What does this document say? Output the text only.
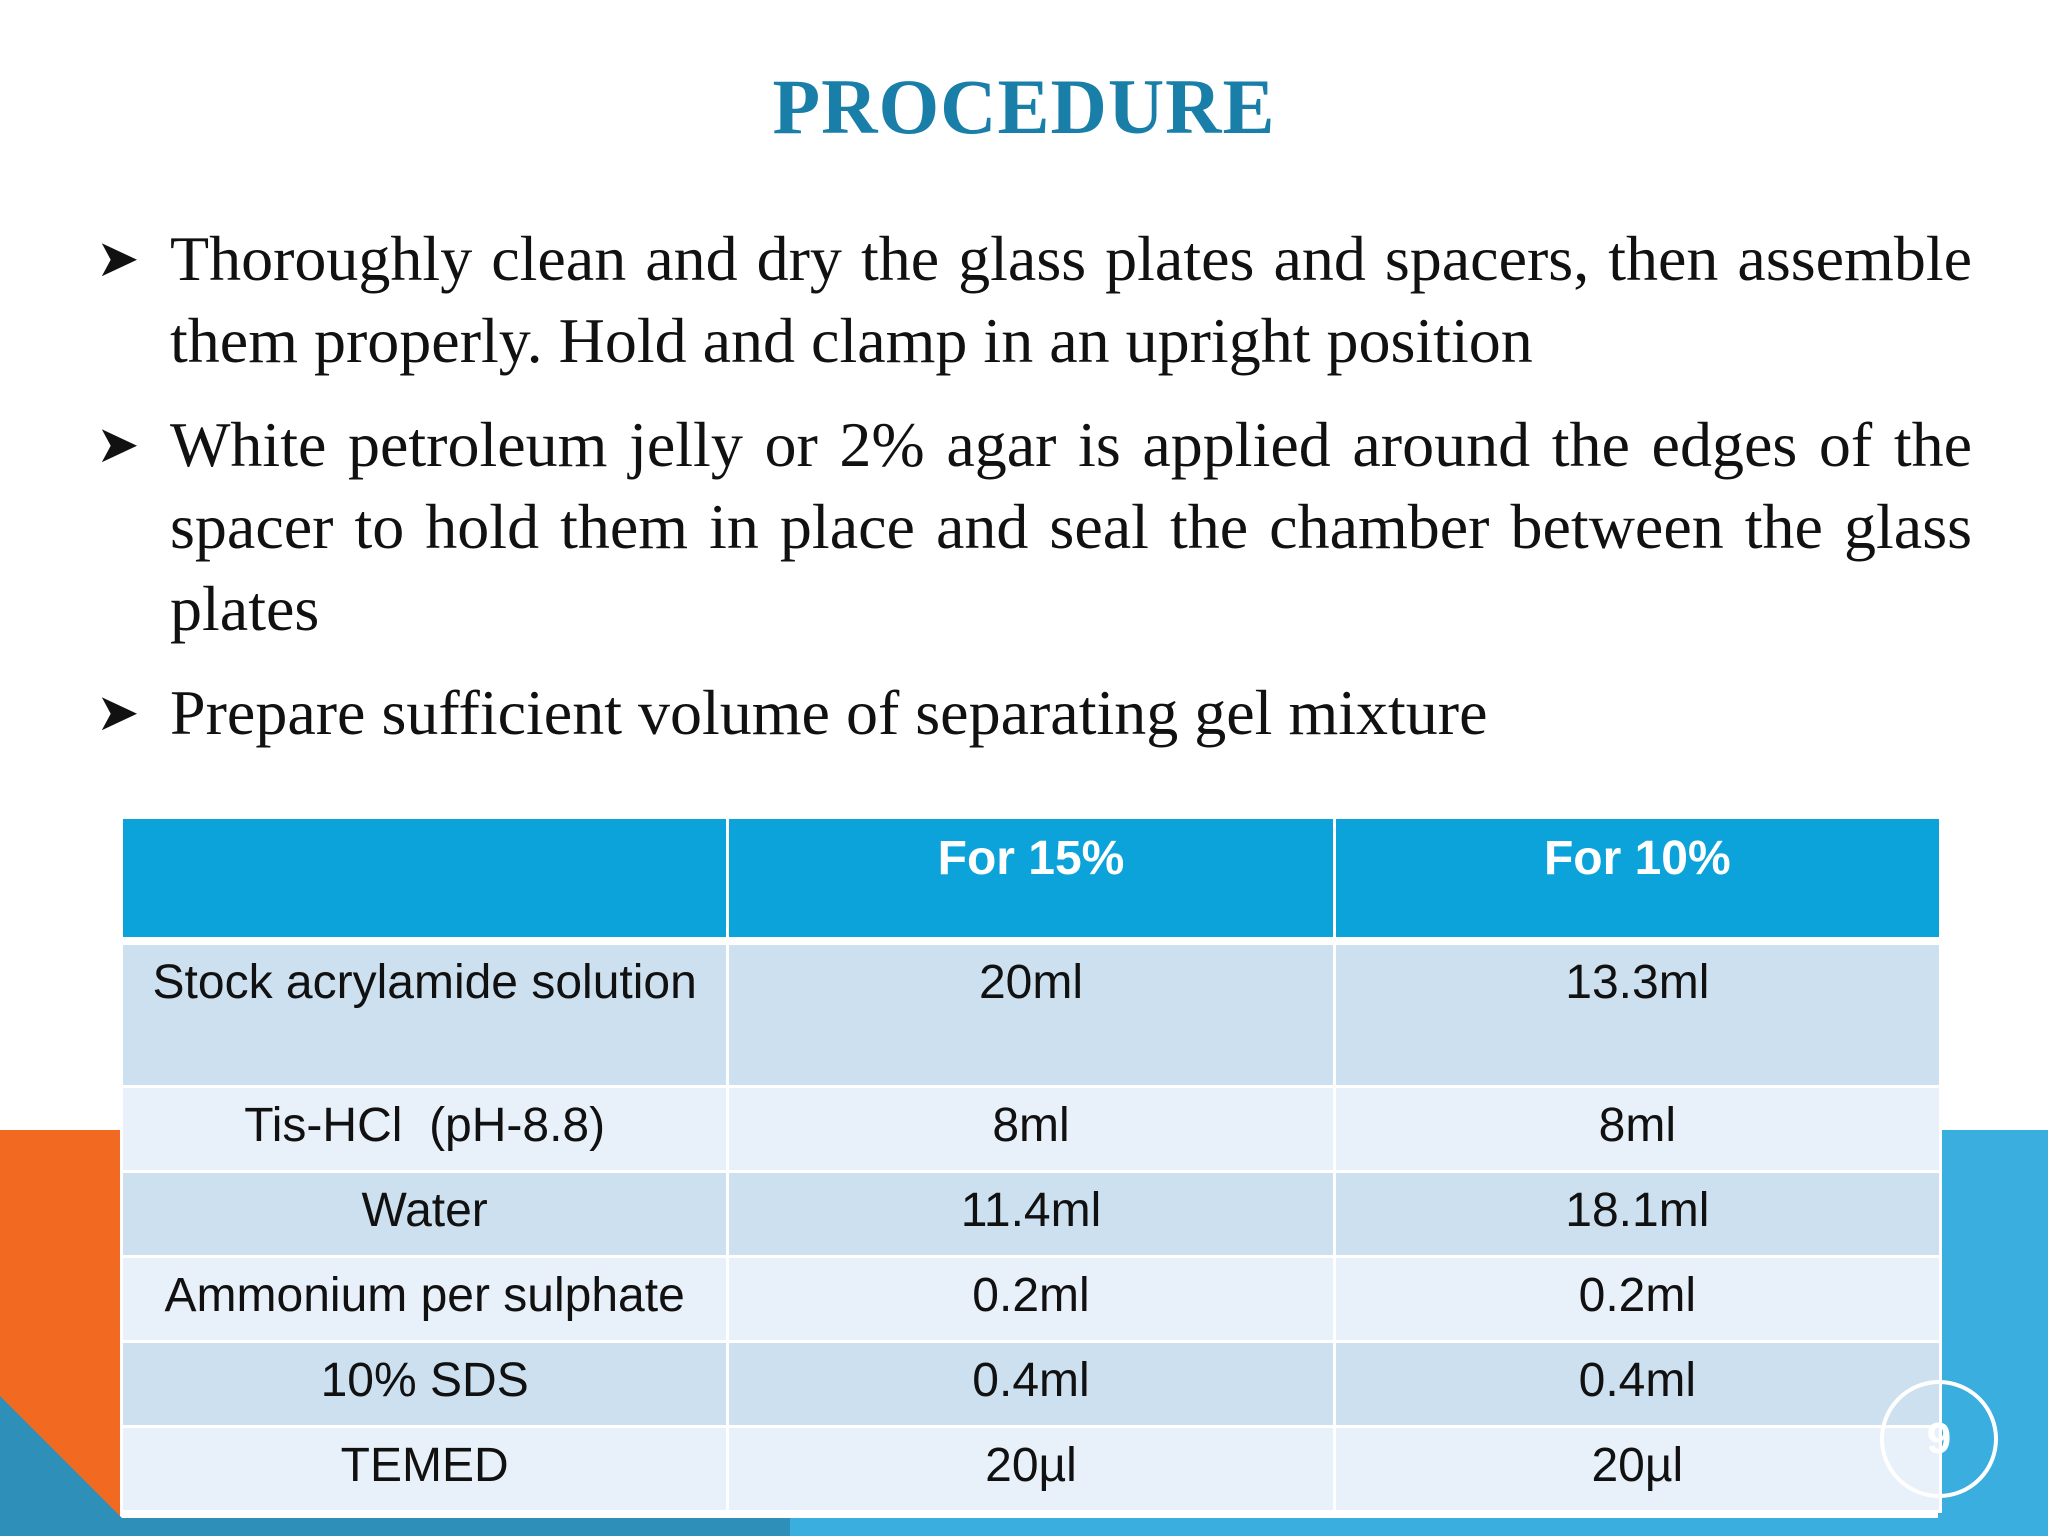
PROCEDURE
➤ Thoroughly clean and dry the glass plates and spacers, then assemble them properly. Hold and clamp in an upright position
➤ White petroleum jelly or 2% agar is applied around the edges of the spacer to hold them in place and seal the chamber between the glass plates
➤ Prepare sufficient volume of separating gel mixture
	For 15%	For 10%
Stock acrylamide solution	20ml	13.3ml
Tis-HCl  (pH-8.8)	8ml	8ml
Water	11.4ml	18.1ml
Ammonium per sulphate	0.2ml	0.2ml
10% SDS	0.4ml	0.4ml
TEMED	20µl	20µl
9
